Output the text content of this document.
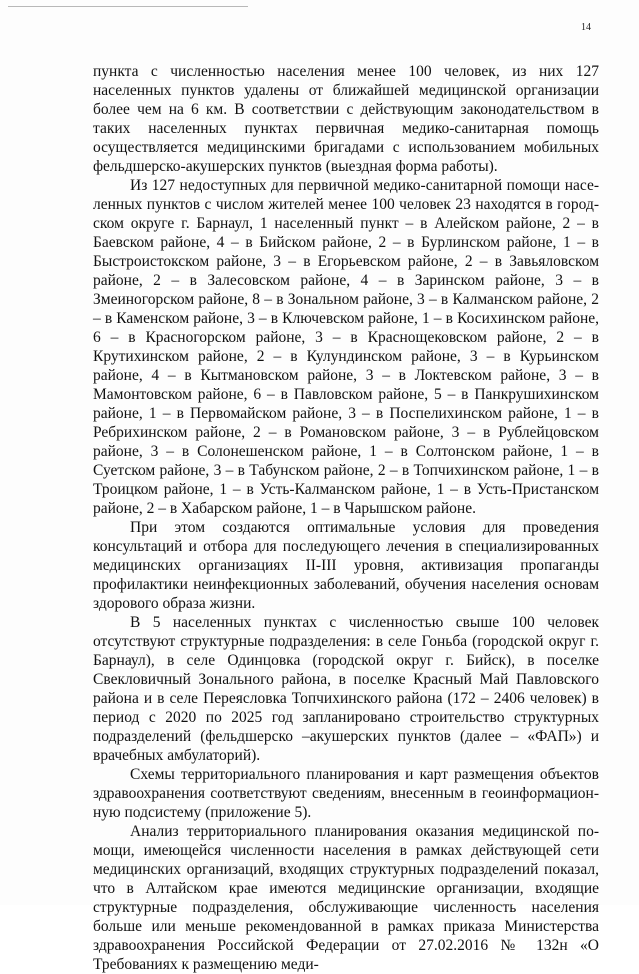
14

пункта с численностью населения менее 100 человек, из них 127 населенных пунктов удалены от ближайшей медицинской организации более чем на 6 км. В соответствии с действующим законодательством в таких населенных пунктах первичная медико-санитарная помощь осуществляется медицинскими бригадами с использованием мобильных фельдшерско-акушерских пунктов (выездная форма работы).

Из 127 недоступных для первичной медико-санитарной помощи населенных пунктов с числом жителей менее 100 человек 23 находятся в городском округе г. Барнаул, 1 населенный пункт – в Алейском районе, 2 – в Баевском районе, 4 – в Бийском районе, 2 – в Бурлинском районе, 1 – в Быстроистокском районе, 3 – в Егорьевском районе, 2 – в Завьяловском районе, 2 – в Залесовском районе, 4 – в Заринском районе, 3 – в Змеиногорском районе, 8 – в Зональном районе, 3 – в Калманском районе, 2 – в Каменском районе, 3 – в Ключевском районе, 1 – в Косихинском районе, 6 – в Красногорском районе, 3 – в Краснощековском районе, 2 – в Крутихинском районе, 2 – в Кулундинском районе, 3 – в Курьинском районе, 4 – в Кытмановском районе, 3 – в Локтевском районе, 3 – в Мамонтовском районе, 6 – в Павловском районе, 5 – в Панкрушихинском районе, 1 – в Первомайском районе, 3 – в Поспелихинском районе, 1 – в Ребрихинском районе, 2 – в Романовском районе, 3 – в Рублейцовском районе, 3 – в Солонешенском районе, 1 – в Солтонском районе, 1 – в Суетском районе, 3 – в Табунском районе, 2 – в Топчихинском районе, 1 – в Троицком районе, 1 – в Усть-Калманском районе, 1 – в Усть-Пристанском районе, 2 – в Хабарском районе, 1 – в Чарышском районе.

При этом создаются оптимальные условия для проведения консультаций и отбора для последующего лечения в специализированных медицинских организациях II-III уровня, активизация пропаганды профилактики неинфекционных заболеваний, обучения населения основам здорового образа жизни.

В 5 населенных пунктах с численностью свыше 100 человек отсутствуют структурные подразделения: в селе Гоньба (городской округ г. Барнаул), в селе Одинцовка (городской округ г. Бийск), в поселке Свекловичный Зонального района, в поселке Красный Май Павловского района и в селе Переясловка Топчихинского района (172 – 2406 человек) в период с 2020 по 2025 год запланировано строительство структурных подразделений (фельдшерско –акушерских пунктов (далее – «ФАП») и врачебных амбулаторий).

Схемы территориального планирования и карт размещения объектов здравоохранения соответствуют сведениям, внесенным в геоинформационную подсистему (приложение 5).

Анализ территориального планирования оказания медицинской помощи, имеющейся численности населения в рамках действующей сети медицинских организаций, входящих структурных подразделений показал, что в Алтайском крае имеются медицинские организации, входящие структурные подразделения, обслуживающие численность населения больше или меньше рекомендованной в рамках приказа Министерства здравоохранения Российской Федерации от 27.02.2016 № 132н «О Требованиях к размещению меди-
